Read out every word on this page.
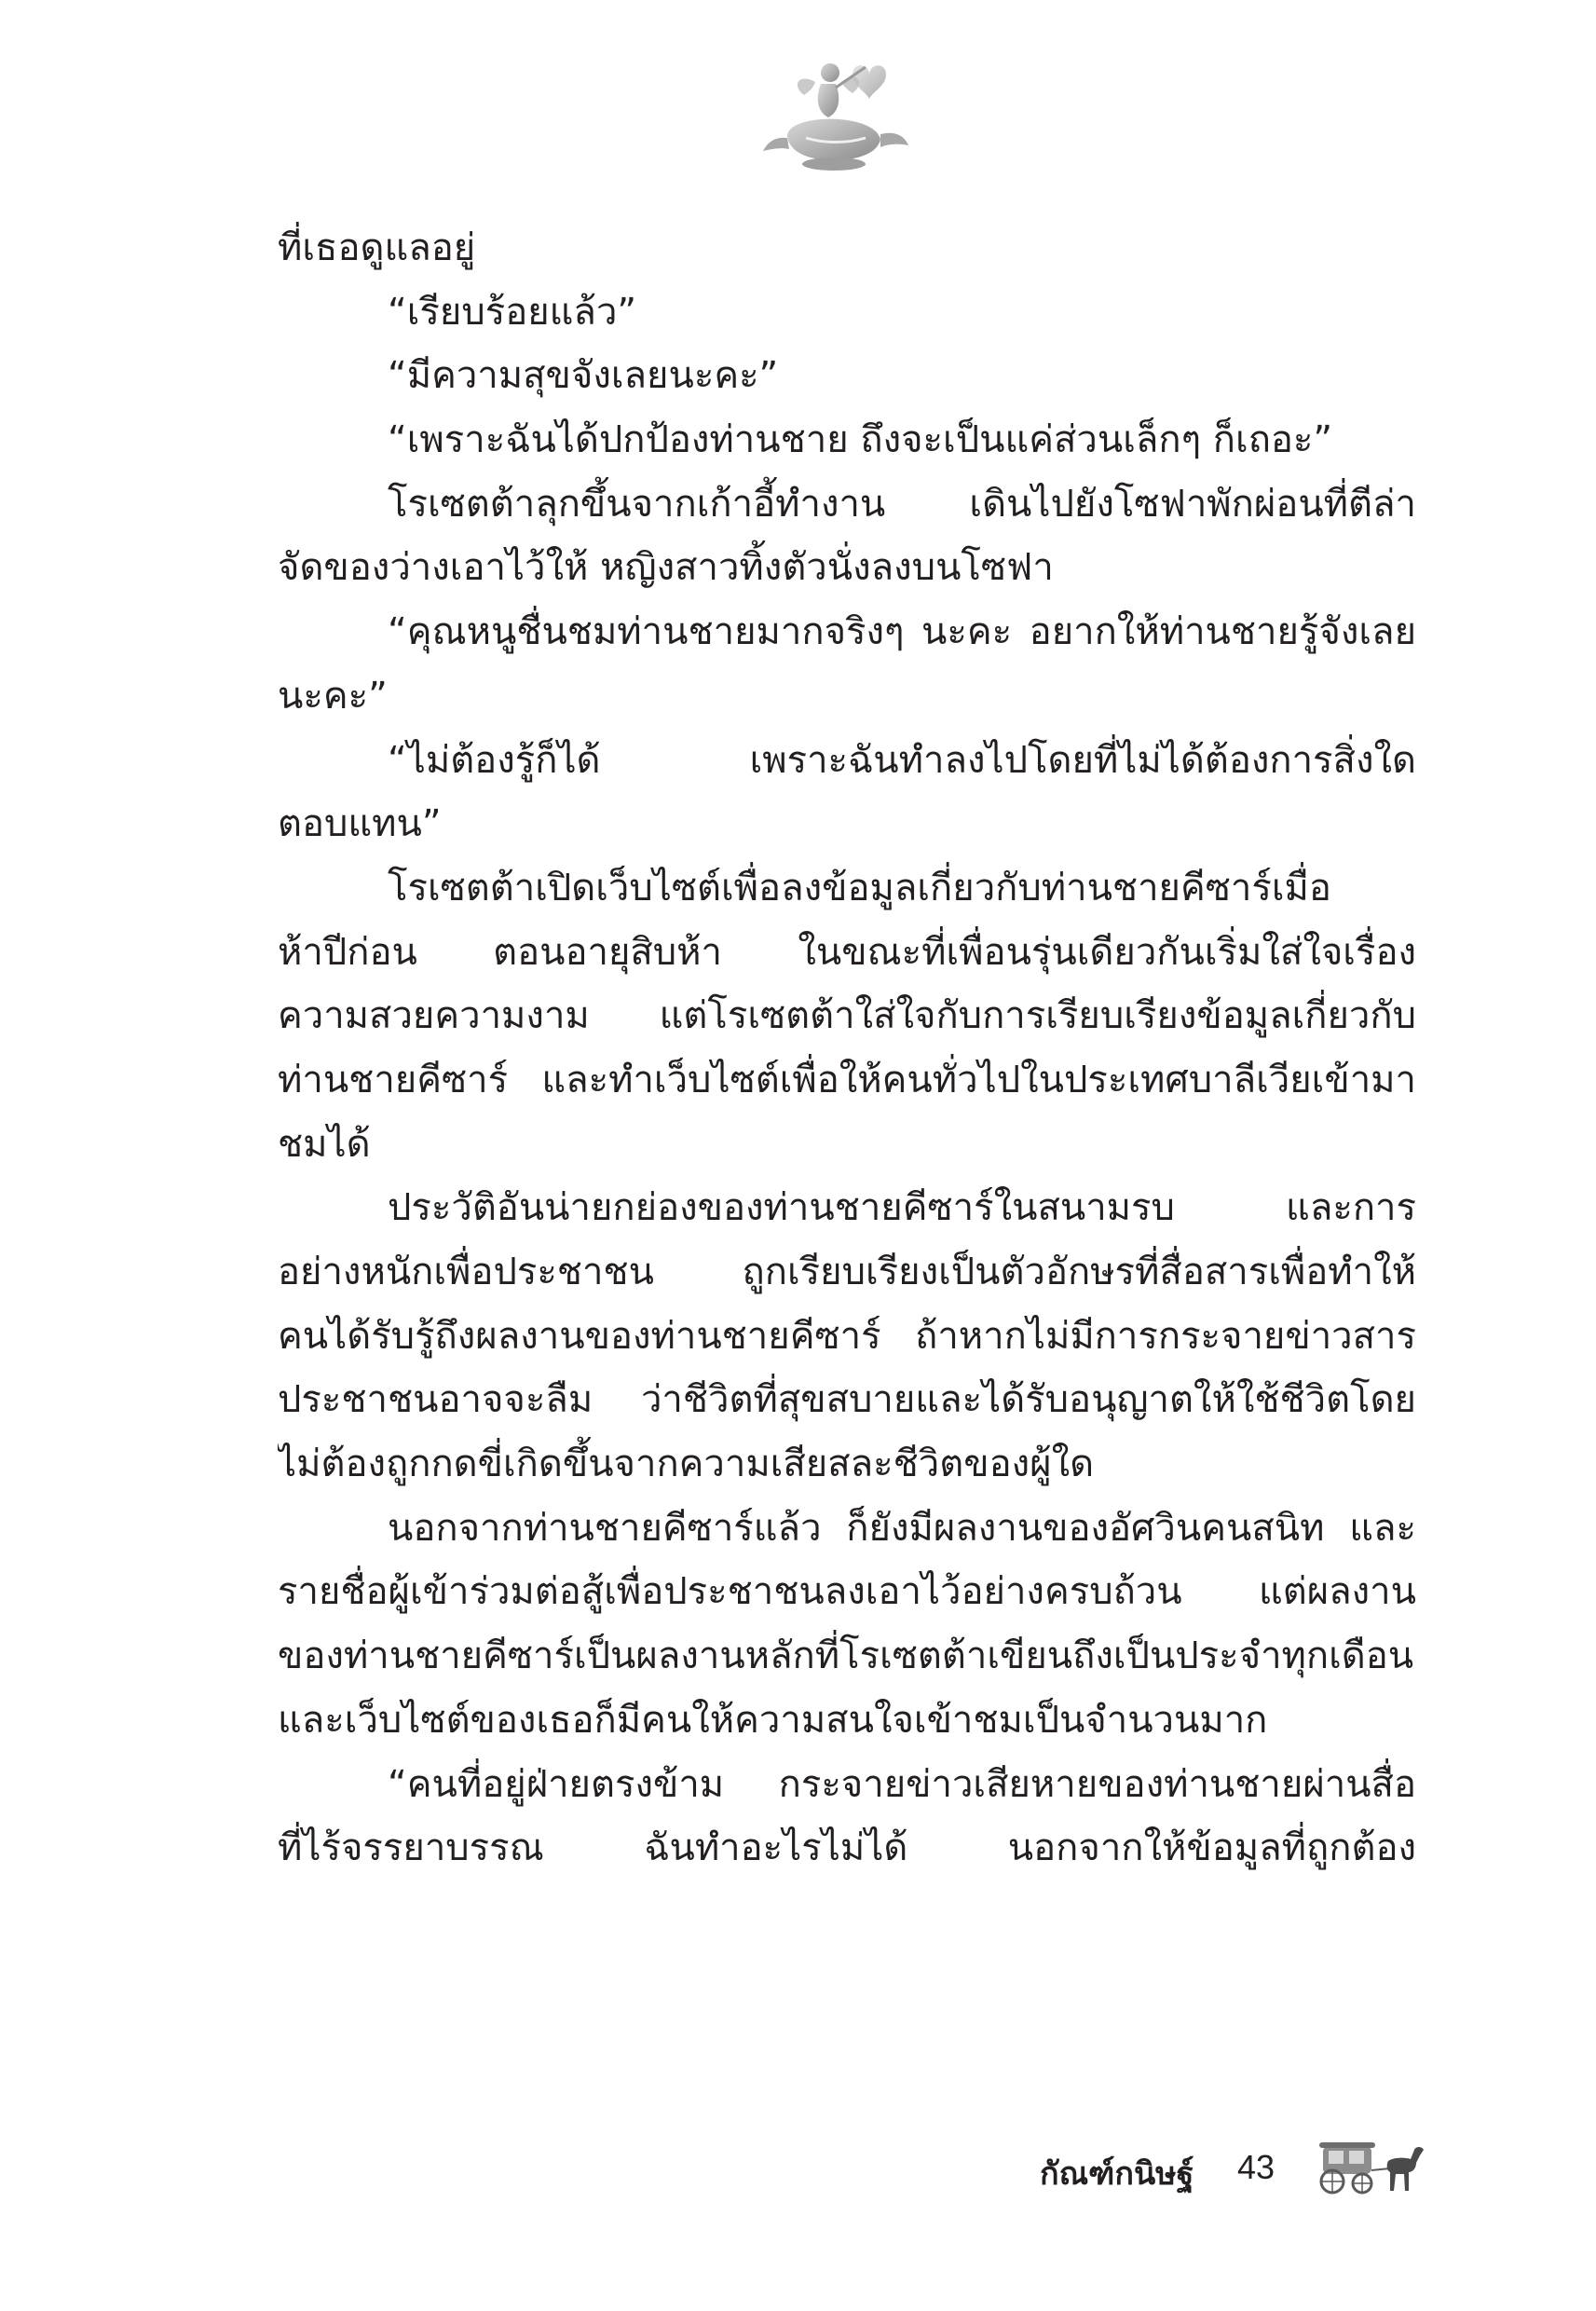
ที่เธอดูแลอยู่
“เรียบร้อยแล้ว”
“มีความสุขจังเลยนะคะ”
“เพราะฉันได้ปกป้องท่านชาย ถึงจะเป็นแค่ส่วนเล็กๆ ก็เถอะ”
โรเซตต้าลุกขึ้นจากเก้าอี้ทำงาน เดินไปยังโซฟาพักผ่อนที่ตีล่า
จัดของว่างเอาไว้ให้ หญิงสาวทิ้งตัวนั่งลงบนโซฟา
“คุณหนูชื่นชมท่านชายมากจริงๆ นะคะ อยากให้ท่านชายรู้จังเลย
นะคะ”
“ไม่ต้องรู้ก็ได้ เพราะฉันทำลงไปโดยที่ไม่ได้ต้องการสิ่งใด
ตอบแทน”
โรเซตต้าเปิดเว็บไซต์เพื่อลงข้อมูลเกี่ยวกับท่านชายคีซาร์เมื่อ
ห้าปีก่อน ตอนอายุสิบห้า ในขณะที่เพื่อนรุ่นเดียวกันเริ่มใส่ใจเรื่อง
ความสวยความงาม แต่โรเซตต้าใส่ใจกับการเรียบเรียงข้อมูลเกี่ยวกับ
ท่านชายคีซาร์ และทำเว็บไซต์เพื่อให้คนทั่วไปในประเทศบาลีเวียเข้ามา
ชมได้
ประวัติอันน่ายกย่องของท่านชายคีซาร์ในสนามรบ และการ
อย่างหนักเพื่อประชาชน ถูกเรียบเรียงเป็นตัวอักษรที่สื่อสารเพื่อทำให้
คนได้รับรู้ถึงผลงานของท่านชายคีซาร์ ถ้าหากไม่มีการกระจายข่าวสาร
ประชาชนอาจจะลืม ว่าชีวิตที่สุขสบายและได้รับอนุญาตให้ใช้ชีวิตโดย
ไม่ต้องถูกกดขี่เกิดขึ้นจากความเสียสละชีวิตของผู้ใด
นอกจากท่านชายคีซาร์แล้ว ก็ยังมีผลงานของอัศวินคนสนิท และ
รายชื่อผู้เข้าร่วมต่อสู้เพื่อประชาชนลงเอาไว้อย่างครบถ้วน แต่ผลงาน
ของท่านชายคีซาร์เป็นผลงานหลักที่โรเซตต้าเขียนถึงเป็นประจำทุกเดือน
และเว็บไซต์ของเธอก็มีคนให้ความสนใจเข้าชมเป็นจำนวนมาก
“คนที่อยู่ฝ่ายตรงข้าม กระจายข่าวเสียหายของท่านชายผ่านสื่อ
ที่ไร้จรรยาบรรณ ฉันทำอะไรไม่ได้ นอกจากให้ข้อมูลที่ถูกต้อง
กัณฑ์กนิษฐ์ 43
